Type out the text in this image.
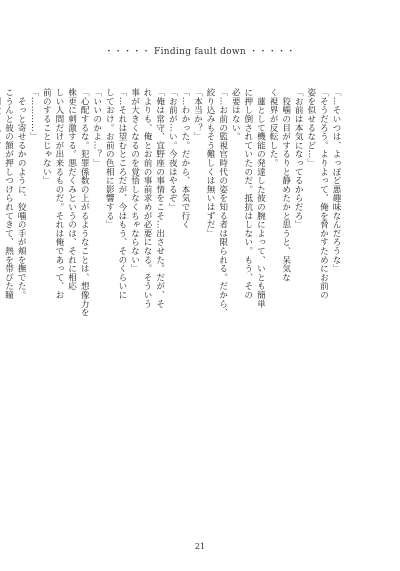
・・・・・ Finding fault down ・・・・・

「…そいつは、よっぽど悪趣味なんだろうな」

「そうだろう。よりよって、俺を脅かすためにお前の

姿を似せるなど…」

「お前は本気になってるからだろ」

　狡噛の目がするりと静めたかと思うと、呆気な

く視界が反転した。

　蓮として機能の発達した彼の腕によって、いとも簡単

に押し倒されていたのだ。抵抗はしない。もう、その

必要はない。

「…お前の監視官時代の姿を知る者は限られる。だから、

絞り込みもそう難しくは無いはずだ」

「本当か？」

「…わかった。だから、本気で行く

「お前が…い。今夜はやるぞ」

「俺は常守、宜野座の事情をこそ…出させた。だが、そ

れよりも、俺とお前の事前求めが必要になる。そういう

事が大きくなるのを覚悟しなくちゃならない」

「…それは望むところだが、今はもう、そのくらいに

しておけ。お前の色相に影響する」

「いいのかよ…？」

「心配するな。犯罪係数の上がるようなことは、想像力を

株更に刺激する。悪だくみというのは、それに相応

しい人間だけが出来るものだ。それは俺であって、お

前のすることじゃない」

「…………」

　そっと寄せるかのように、狡噛の手が頬を撫でた。

こうんと彼の額が押しつけられてきて、熱を帯びた瞳

21
